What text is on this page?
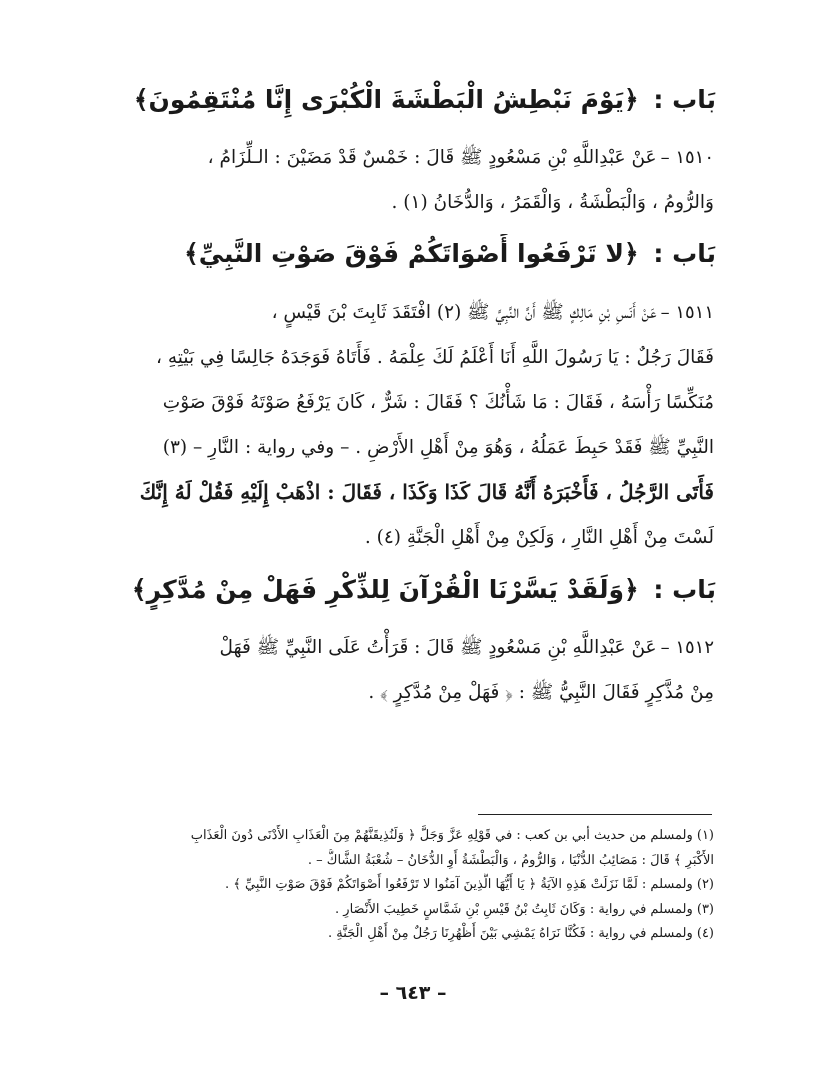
بَاب : ﴿يَوْمَ نَبْطِشُ الْبَطْشَةَ الْكُبْرَى إِنَّا مُنْتَقِمُونَ﴾
١٥١٠ –عَنْ عَبْدِاللَّهِ بْنِ مَسْعُودٍ ﷺ قَالَ : خَمْسٌ قَدْ مَضَيْنَ : الـلِّزَامُ ،
وَالرُّومُ ، وَالْبَطْشَةُ ، وَالْقَمَرُ ، وَالدُّخَانُ (١) .
بَاب : ﴿لا تَرْفَعُوا أَصْوَاتَكُمْ فَوْقَ صَوْتِ النَّبِيِّ﴾
١٥١١ –عَنْ أَنَسِ بْنِ مَالِكٍ ﷺ أَنَّ النَّبِيَّ ﷺ (٢) افْتَقَدَ ثَابِتَ بْنَ قَيْسٍ ،
فَقَالَ رَجُلٌ : يَا رَسُولَ اللَّهِ أَنَا أَعْلَمُ لَكَ عِلْمَهُ . فَأَتَاهُ فَوَجَدَهُ جَالِسًا فِي بَيْتِهِ ،
مُنَكِّسًا رَأْسَهُ ، فَقَالَ : مَا شَأْنُكَ ؟ فَقَالَ : شَرٌّ ، كَانَ يَرْفَعُ صَوْتَهُ فَوْقَ صَوْتِ
النَّبِيِّ ﷺ فَقَدْ حَبِطَ عَمَلُهُ ، وَهُوَ مِنْ أَهْلِ الأَرْضِ . – وفي رواية : النَّارِ – (٣)
فَأَتَى الرَّجُلُ ، فَأَخْبَرَهُ أَنَّهُ قَالَ كَذَا وَكَذَا ، فَقَالَ : اذْهَبْ إِلَيْهِ فَقُلْ لَهُ إِنَّكَ
لَسْتَ مِنْ أَهْلِ النَّارِ ، وَلَكِنْ مِنْ أَهْلِ الْجَنَّةِ (٤) .
بَاب : ﴿وَلَقَدْ يَسَّرْنَا الْقُرْآنَ لِلذِّكْرِ فَهَلْ مِنْ مُدَّكِرٍ﴾
١٥١٢ –عَنْ عَبْدِاللَّهِ بْنِ مَسْعُودٍ ﷺ قَالَ : قَرَأْتُ عَلَى النَّبِيِّ ﷺ فَهَلْ
مِنْ مُذَّكِرٍ فَقَالَ النَّبِيُّ ﷺ : ﴿ فَهَلْ مِنْ مُدَّكِرٍ ﴾ .
(١) ولمسلم من حديث أبي بن كعب : في قَوْلِهِ عَزَّ وَجَلَّ ﴿ وَلَنُذِيقَنَّهُمْ مِنَ الْعَذَابِ الأَدْنَى دُونَ الْعَذَابِ
الأَكْبَرِ ﴾ قَالَ : مَصَائِبُ الدُّنْيَا ، وَالرُّومُ ، وَالْبَطْشَةُ أَوِ الدُّخَانُ – شُعْبَةُ الشَّاكُّ – .
(٢) ولمسلم : لَمَّا نَزَلَتْ هَذِهِ الآيَةُ ﴿ يَا أَيُّهَا الَّذِينَ آمَنُوا لا تَرْفَعُوا أَصْوَاتَكُمْ فَوْقَ صَوْتِ النَّبِيِّ ﴾ .
(٣) ولمسلم في رواية : وَكَانَ ثَابِتُ بْنُ قَيْسِ بْنِ شَمَّاسٍ خَطِيبَ الأَنْصَارِ .
(٤) ولمسلم في رواية : فَكُنَّا نَرَاهُ يَمْشِي بَيْنَ أَظْهُرِنَا رَجُلٌ مِنْ أَهْلِ الْجَنَّةِ .
– ٦٤٣ –
